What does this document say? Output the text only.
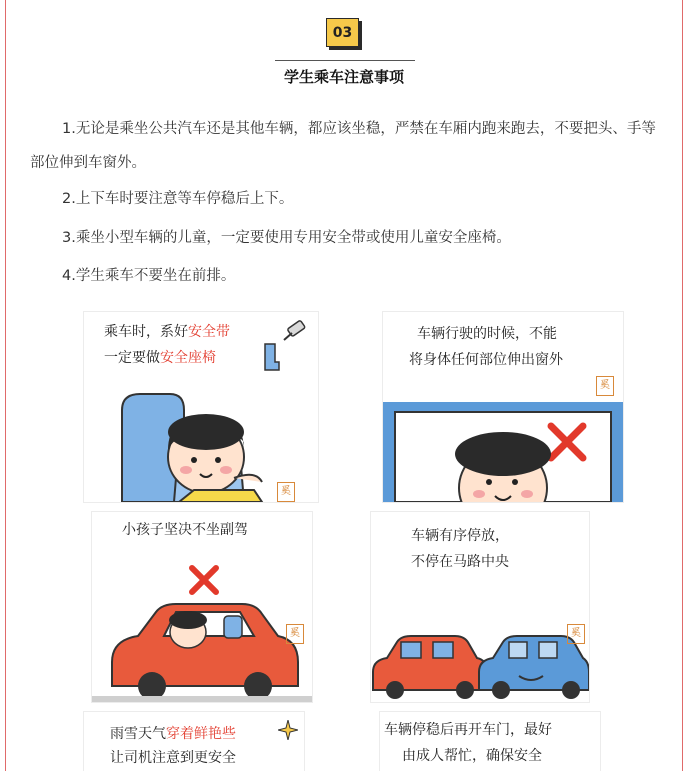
03
学生乘车注意事项
1.无论是乘坐公共汽车还是其他车辆，都应该坐稳，严禁在车厢内跑来跑去，不要把头、手等部位伸到车窗外。
2.上下车时要注意等车停稳后上下。
3.乘坐小型车辆的儿童，一定要使用专用安全带或使用儿童安全座椅。
4.学生乘车不要坐在前排。
乘车时，系好安全带
一定要做安全座椅
奚
车辆行驶的时候，不能
将身体任何部位伸出窗外
奚
小孩子坚决不坐副驾
奚
车辆有序停放，
不停在马路中央
奚
雨雪天气穿着鲜艳些
让司机注意到更安全
车辆停稳后再开车门，最好
由成人帮忙，确保安全
